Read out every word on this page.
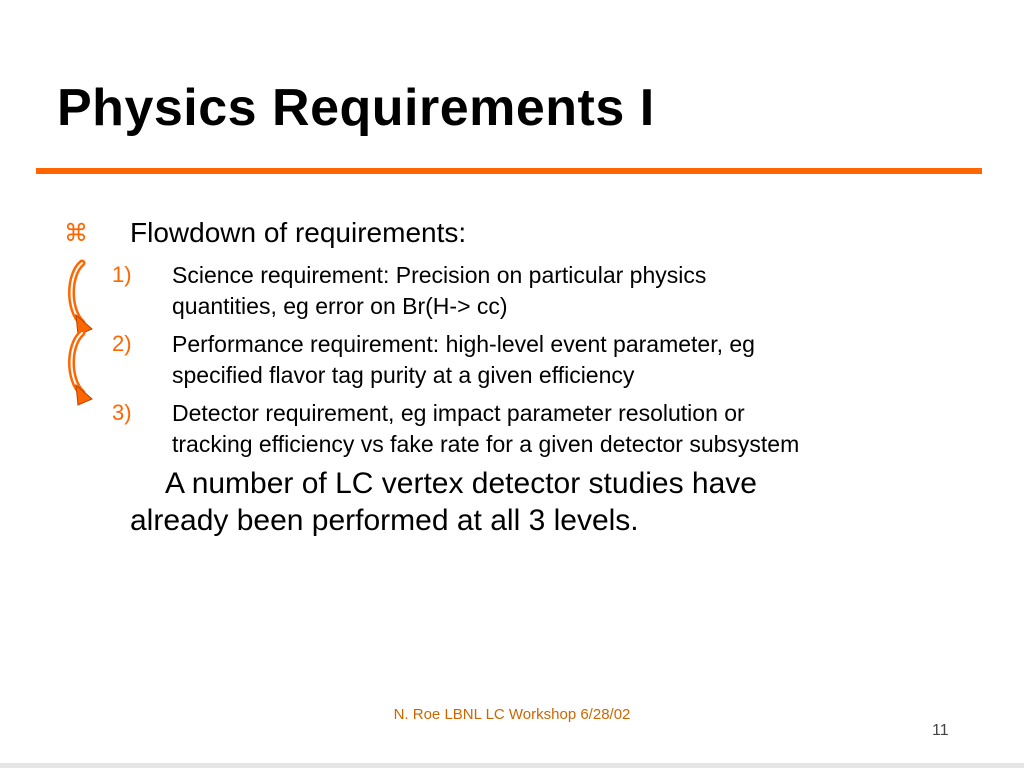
Physics Requirements I
⌘ Flowdown of requirements:
1) Science requirement: Precision on particular physics
quantities, eg error on Br(H-> cc)
2) Performance requirement: high-level event parameter, eg
specified flavor tag purity at a given efficiency
3) Detector requirement, eg impact parameter resolution or
tracking efficiency vs fake rate for a given detector subsystem
A number of LC vertex detector studies have
already been performed at all 3 levels.
N. Roe LBNL LC Workshop 6/28/02
11
